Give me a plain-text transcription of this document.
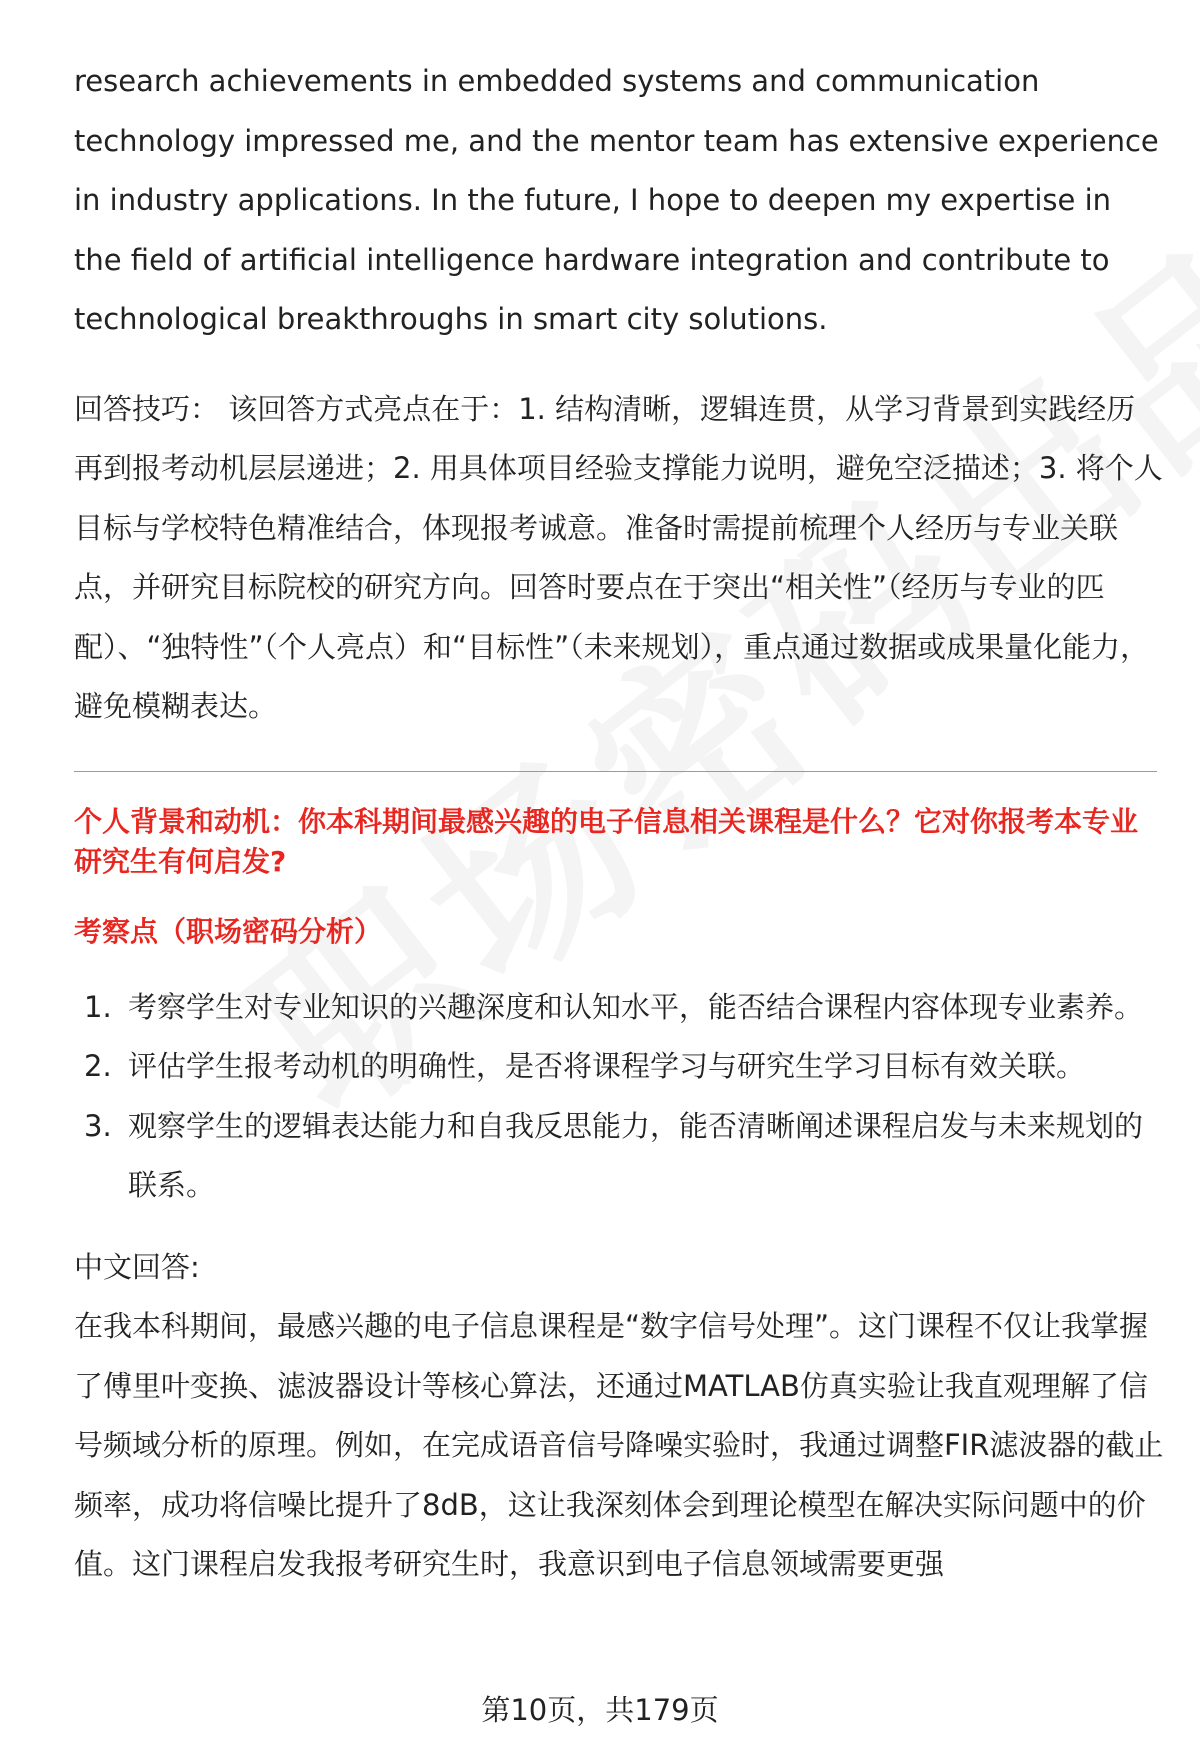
research achievements in embedded systems and communication technology impressed me, and the mentor team has extensive experience in industry applications. In the future, I hope to deepen my expertise in the field of artificial intelligence hardware integration and contribute to technological breakthroughs in smart city solutions.

回答技巧： 该回答方式亮点在于：1. 结构清晰，逻辑连贯，从学习背景到实践经历再到报考动机层层递进；2. 用具体项目经验支撑能力说明，避免空泛描述；3. 将个人目标与学校特色精准结合，体现报考诚意。准备时需提前梳理个人经历与专业关联点，并研究目标院校的研究方向。回答时要点在于突出“相关性”（经历与专业的匹配）、“独特性”（个人亮点）和“目标性”（未来规划），重点通过数据或成果量化能力，避免模糊表达。

个人背景和动机：你本科期间最感兴趣的电子信息相关课程是什么？它对你报考本专业研究生有何启发?

考察点（职场密码分析）

1. 考察学生对专业知识的兴趣深度和认知水平，能否结合课程内容体现专业素养。
2. 评估学生报考动机的明确性，是否将课程学习与研究生学习目标有效关联。
3. 观察学生的逻辑表达能力和自我反思能力，能否清晰阐述课程启发与未来规划的联系。

中文回答:

在我本科期间，最感兴趣的电子信息课程是“数字信号处理”。这门课程不仅让我掌握了傅里叶变换、滤波器设计等核心算法，还通过MATLAB仿真实验让我直观理解了信号频域分析的原理。例如，在完成语音信号降噪实验时，我通过调整FIR滤波器的截止频率，成功将信噪比提升了8dB，这让我深刻体会到理论模型在解决实际问题中的价值。这门课程启发我报考研究生时，我意识到电子信息领域需要更强

第10页，共179页
